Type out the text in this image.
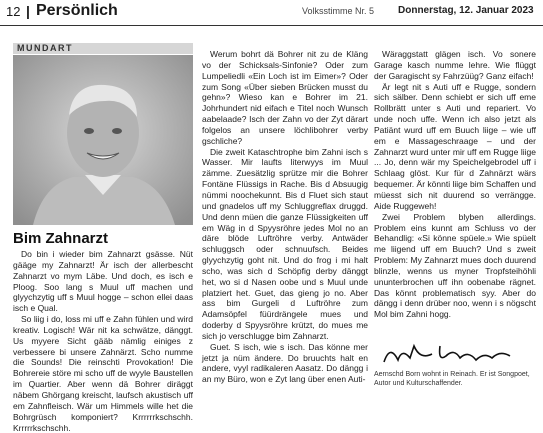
12 | Persönlich	Volksstimme Nr. 5 Donnerstag, 12. Januar 2023
MUNDART
Bim Zahnarzt

Do bin i wieder bim Zahnarzt gsässe. Nüt gääge my Zahnarzt! Är isch der allerbescht Zahnarzt vo mym Läbe. Und doch, es isch e Ploog. Soo lang s Muul uff machen und glyychzytig uff s Muul hogge – schon ellei daas isch e Qual.

So liig i do, loss mi uff e Zahn fühlen und wird kreativ. Logisch! Wär nit ka schwätze, dänggt. Us myyere Sicht gääb nämlig einiges z verbessere bi unsere Zahnärzt. Scho numme die Sounds! Die reinschti Provokation! Die Bohrereie störe mi scho uff de wyyle Baustellen im Quartier. Aber wenn dä Bohrer diräggt näbem Ghörgang kreischt, laufsch akustisch uff em Zahnfleisch. Wär um Himmels wille het die Bohrgrüsch komponiert? Krrrrrrkschschh. Krrrrrkschschh.

Werum bohrt dä Bohrer nit zu de Kläng vo der Schicksals-Sinfonie? Oder zum Lumpeliedli «Ein Loch ist im Eimer»? Oder zum Song «Über sieben Brücken musst du gehn»? Wieso kan e Bohrer im 21. Johrhundert nid eifach e Titel noch Wunsch aabelaade? Isch der Zahn vo der Zyt därart folgelos an unsere löchlibohrer verby gschliche?

Die zweit Kataschtrophe bim Zahni isch s Wasser. Mir laufts literwyys im Muul zämme. Zuesätzlig sprütze mir die Bohrer Fontäne Flüssigs in Rache. Bis d Absuugig nümmi noochekunnt. Bis d Fluet sich staut und gnadelos uff my Schluggreflax druggd. Und denn müen die ganze Flüssigkeiten uff em Wäg in d Spyysröhre jedes Mol no an däre blöde Luftröhre verby. Antwäder schluggsch oder schnuufsch. Beides glyychzytig goht nit. Und do frog i mi halt scho, was sich d Schöpfig derby dänggt het, wo si d Nasen oobe und s Muul unde platziert het. Guet, das gieng jo no. Aber ass bim Gurgeli d Luftröhre zum Adamsöpfel füürdrängele mues und doderby d Spyysröhre krützt, do mues me sich jo verschlugge bim Zahnarzt.

Guet. S isch, wie s isch. Das könne mer jetzt ja nüm ändere. Do bruuchts halt en andere, vyyl radikaleren Aasatz. Do dängg i an my Büro, won e Zyt lang über enen Auti-

Wäraggstatt glägen isch. Vo sonere Garage kasch numme lehre. Wie flüggt der Garagischt sy Fahrzüüg? Ganz eifach!

Är legt nit s Auti uff e Rugge, sondern sich sälber. Denn schiebt er sich uff eme Rollbrätt unter s Auti und repariert. Vo unde noch uffe. Wenn ich also jetzt als Patiänt wurd uff em Buuch liige – wie uff em e Massageschraage – und der Zahnarzt wurd unter mir uff em Rugge liige ... Jo, denn wär my Speichelgebrodel uff i Schlaag glöst. Kur für d Zahnärzt wärs bequemer. Är könnti liige bim Schaffen und müesst sich nit duurend so verrängge. Aide Ruggeweh!

Zwei Problem blyben allerdings. Problem eins kunnt am Schluss vo der Behandlig: «Si könne spüele.» Wie spüelt me liigend uff em Buuch? Und s zweit Problem: My Zahnarzt mues doch duurend blinzle, wenns us myner Tropfsteihöhli ununterbrochen uff ihn oobenabe rägnet. Das könnt problematisch syy. Aber do dängg i denn drüber noo, wenn i s nögscht Mol bim Zahni hogg.

Aernschd Born wohnt in Reinach. Er ist Songpoet, Autor und Kulturschaffender.
